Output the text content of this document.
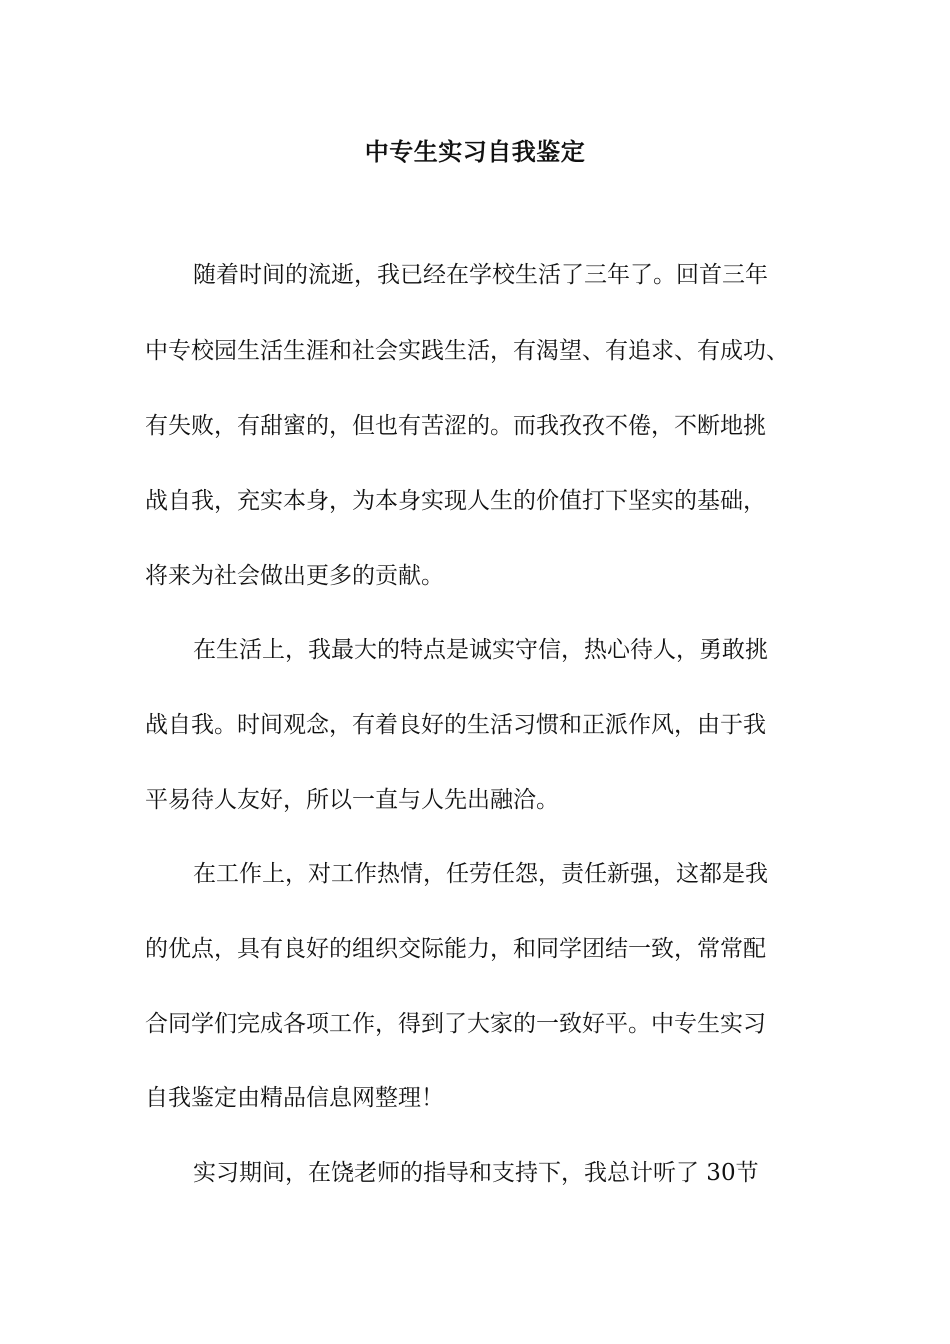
中专生实习自我鉴定
随着时间的流逝，我已经在学校生活了三年了。回首三年
中专校园生活生涯和社会实践生活，有渴望、有追求、有成功、
有失败，有甜蜜的，但也有苦涩的。而我孜孜不倦，不断地挑
战自我，充实本身，为本身实现人生的价值打下坚实的基础，
将来为社会做出更多的贡献。
在生活上，我最大的特点是诚实守信，热心待人，勇敢挑
战自我。时间观念，有着良好的生活习惯和正派作风，由于我
平易待人友好，所以一直与人先出融洽。
在工作上，对工作热情，任劳任怨，责任新强，这都是我
的优点，具有良好的组织交际能力，和同学团结一致，常常配
合同学们完成各项工作，得到了大家的一致好平。中专生实习
自我鉴定由精品信息网整理！
实习期间，在饶老师的指导和支持下，我总计听了 30节
